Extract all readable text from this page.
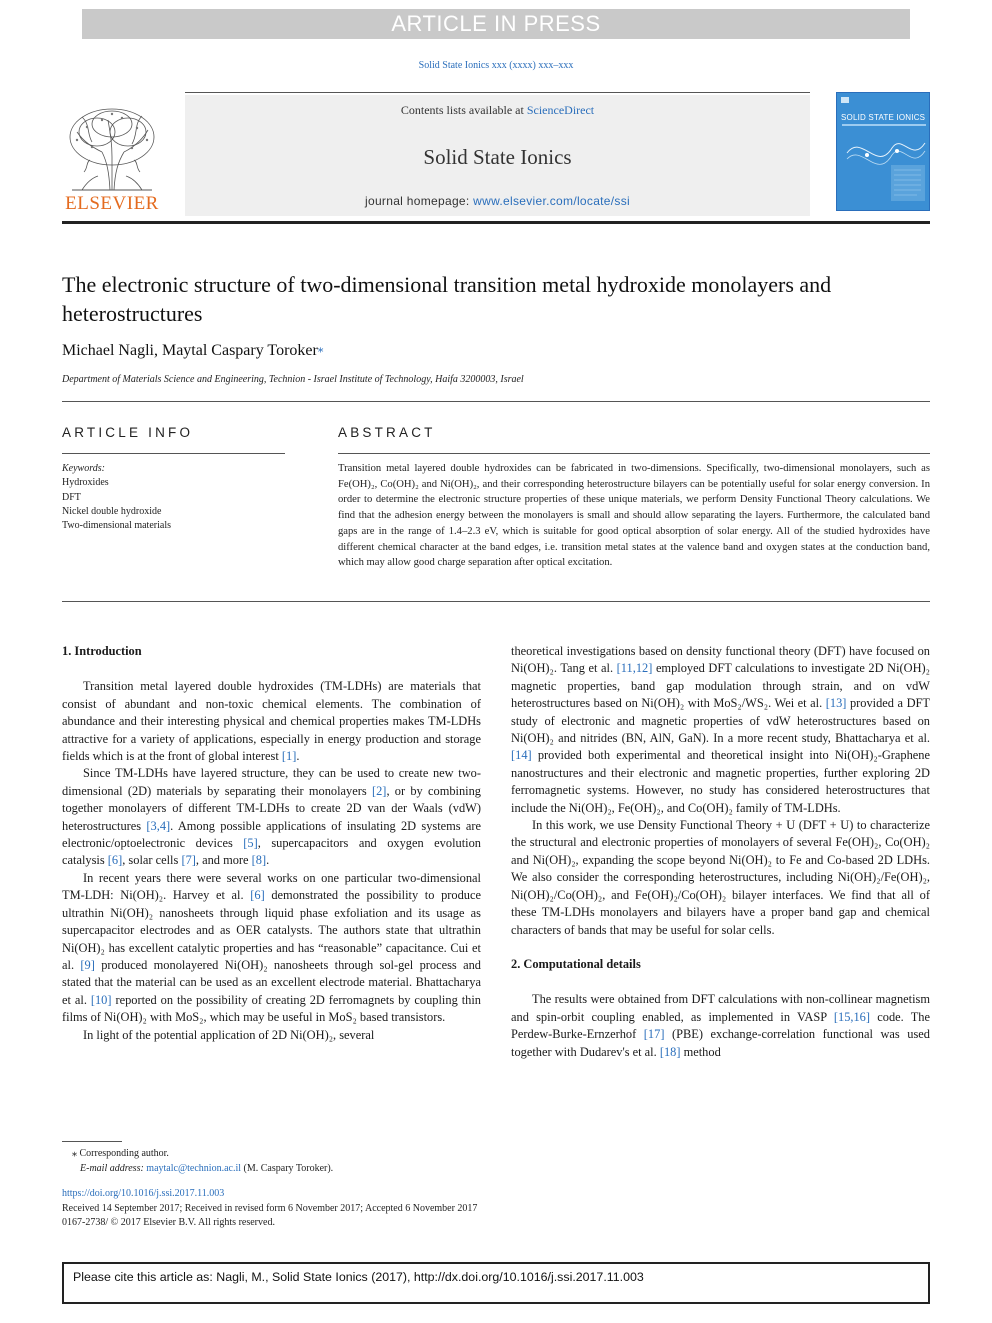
ARTICLE IN PRESS
Solid State Ionics xxx (xxxx) xxx–xxx
ELSEVIER
Contents lists available at ScienceDirect
Solid State Ionics
journal homepage: www.elsevier.com/locate/ssi
SOLID STATE IONICS
The electronic structure of two-dimensional transition metal hydroxide monolayers and heterostructures
Michael Nagli, Maytal Caspary Toroker⁎
Department of Materials Science and Engineering, Technion - Israel Institute of Technology, Haifa 3200003, Israel
ARTICLE INFO	ABSTRACT
Keywords:
Hydroxides
DFT
Nickel double hydroxide
Two-dimensional materials
Transition metal layered double hydroxides can be fabricated in two-dimensions. Specifically, two-dimensional monolayers, such as Fe(OH)₂, Co(OH)₂ and Ni(OH)₂, and their corresponding heterostructure bilayers can be potentially useful for solar energy conversion. In order to determine the electronic structure properties of these unique materials, we perform Density Functional Theory calculations. We find that the adhesion energy between the monolayers is small and should allow separating the layers. Furthermore, the calculated band gaps are in the range of 1.4–2.3 eV, which is suitable for good optical absorption of solar energy. All of the studied hydroxides have different chemical character at the band edges, i.e. transition metal states at the valence band and oxygen states at the conduction band, which may allow good charge separation after optical excitation.
1. Introduction

Transition metal layered double hydroxides (TM-LDHs) are materials that consist of abundant and non-toxic chemical elements. The combination of abundance and their interesting physical and chemical properties makes TM-LDHs attractive for a variety of applications, especially in energy production and storage fields which is at the front of global interest [1].

Since TM-LDHs have layered structure, they can be used to create new two-dimensional (2D) materials by separating their monolayers [2], or by combining together monolayers of different TM-LDHs to create 2D van der Waals (vdW) heterostructures [3,4]. Among possible applications of insulating 2D systems are electronic/optoelectronic devices [5], supercapacitors and oxygen evolution catalysis [6], solar cells [7], and more [8].

In recent years there were several works on one particular two-dimensional TM-LDH: Ni(OH)₂. Harvey et al. [6] demonstrated the possibility to produce ultrathin Ni(OH)₂ nanosheets through liquid phase exfoliation and its usage as supercapacitor electrodes and as OER catalysts. The authors state that ultrathin Ni(OH)₂ has excellent catalytic properties and has “reasonable” capacitance. Cui et al. [9] produced monolayered Ni(OH)₂ nanosheets through sol-gel process and stated that the material can be used as an excellent electrode material. Bhattacharya et al. [10] reported on the possibility of creating 2D ferromagnets by coupling thin films of Ni(OH)₂ with MoS₂, which may be useful in MoS₂ based transistors.

In light of the potential application of 2D Ni(OH)₂, several

theoretical investigations based on density functional theory (DFT) have focused on Ni(OH)₂. Tang et al. [11,12] employed DFT calculations to investigate 2D Ni(OH)₂ magnetic properties, band gap modulation through strain, and on vdW heterostructures based on Ni(OH)₂ with MoS₂/WS₂. Wei et al. [13] provided a DFT study of electronic and magnetic properties of vdW heterostructures based on Ni(OH)₂ and nitrides (BN, AlN, GaN). In a more recent study, Bhattacharya et al. [14] provided both experimental and theoretical insight into Ni(OH)₂-Graphene nanostructures and their electronic and magnetic properties, further exploring 2D ferromagnetic systems. However, no study has considered heterostructures that include the Ni(OH)₂, Fe(OH)₂, and Co(OH)₂ family of TM-LDHs.

In this work, we use Density Functional Theory + U (DFT + U) to characterize the structural and electronic properties of monolayers of several Fe(OH)₂, Co(OH)₂ and Ni(OH)₂, expanding the scope beyond Ni(OH)₂ to Fe and Co-based 2D LDHs. We also consider the corresponding heterostructures, including Ni(OH)₂/Fe(OH)₂, Ni(OH)₂/Co(OH)₂, and Fe(OH)₂/Co(OH)₂ bilayer interfaces. We find that all of these TM-LDHs monolayers and bilayers have a proper band gap and chemical characters of bands that may be useful for solar cells.

2. Computational details

The results were obtained from DFT calculations with non-collinear magnetism and spin-orbit coupling enabled, as implemented in VASP [15,16] code. The Perdew-Burke-Ernzerhof [17] (PBE) exchange-correlation functional was used together with Dudarev's et al. [18] method

⁎ Corresponding author.
E-mail address: maytalc@technion.ac.il (M. Caspary Toroker).
https://doi.org/10.1016/j.ssi.2017.11.003
Received 14 September 2017; Received in revised form 6 November 2017; Accepted 6 November 2017
0167-2738/ © 2017 Elsevier B.V. All rights reserved.
Please cite this article as: Nagli, M., Solid State Ionics (2017), http://dx.doi.org/10.1016/j.ssi.2017.11.003
